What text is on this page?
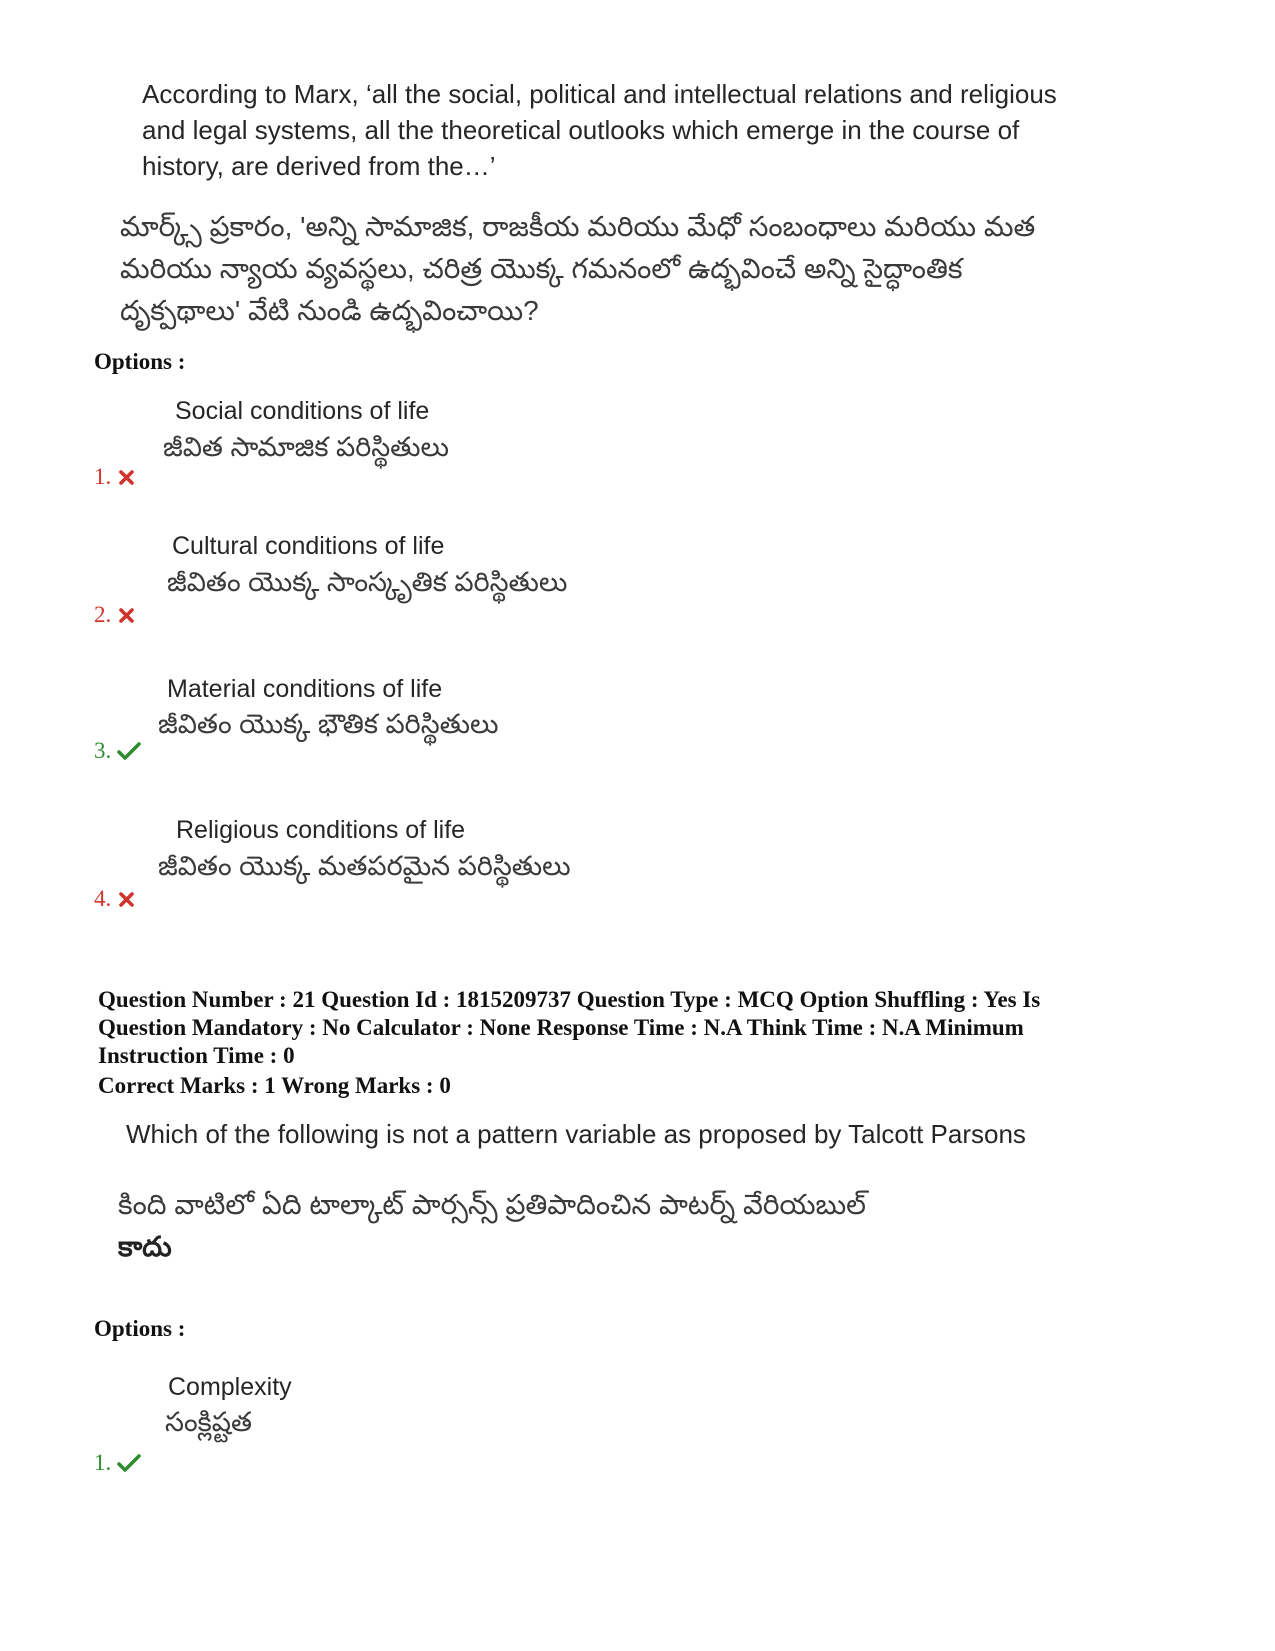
According to Marx, ‘all the social, political and intellectual relations and religious and legal systems, all the theoretical outlooks which emerge in the course of history, are derived from the…’
మార్క్స్ ప్రకారం, 'అన్ని సామాజిక, రాజకీయ మరియు మేధో సంబంధాలు మరియు మత మరియు న్యాయ వ్యవస్థలు, చరిత్ర యొక్క గమనంలో ఉద్భవించే అన్ని సైద్ధాంతిక దృక్పథాలు' వేటి నుండి ఉద్భవించాయి?
Options :
Social conditions of life
జీవిత సామాజిక పరిస్థితులు
1.
Cultural conditions of life
జీవితం యొక్క సాంస్కృతిక పరిస్థితులు
2.
Material conditions of life
జీవితం యొక్క భౌతిక పరిస్థితులు
3.
Religious conditions of life
జీవితం యొక్క మతపరమైన పరిస్థితులు
4.
Question Number : 21 Question Id : 1815209737 Question Type : MCQ Option Shuffling : Yes Is
Question Mandatory : No Calculator : None Response Time : N.A Think Time : N.A Minimum
Instruction Time : 0
Correct Marks : 1 Wrong Marks : 0
Which of the following is not a pattern variable as proposed by Talcott Parsons
కింది వాటిలో ఏది టాల్కాట్ పార్సన్స్ ప్రతిపాదించిన పాటర్న్ వేరియబుల్
కాదు
Options :
Complexity
సంక్లిష్టత
1.
